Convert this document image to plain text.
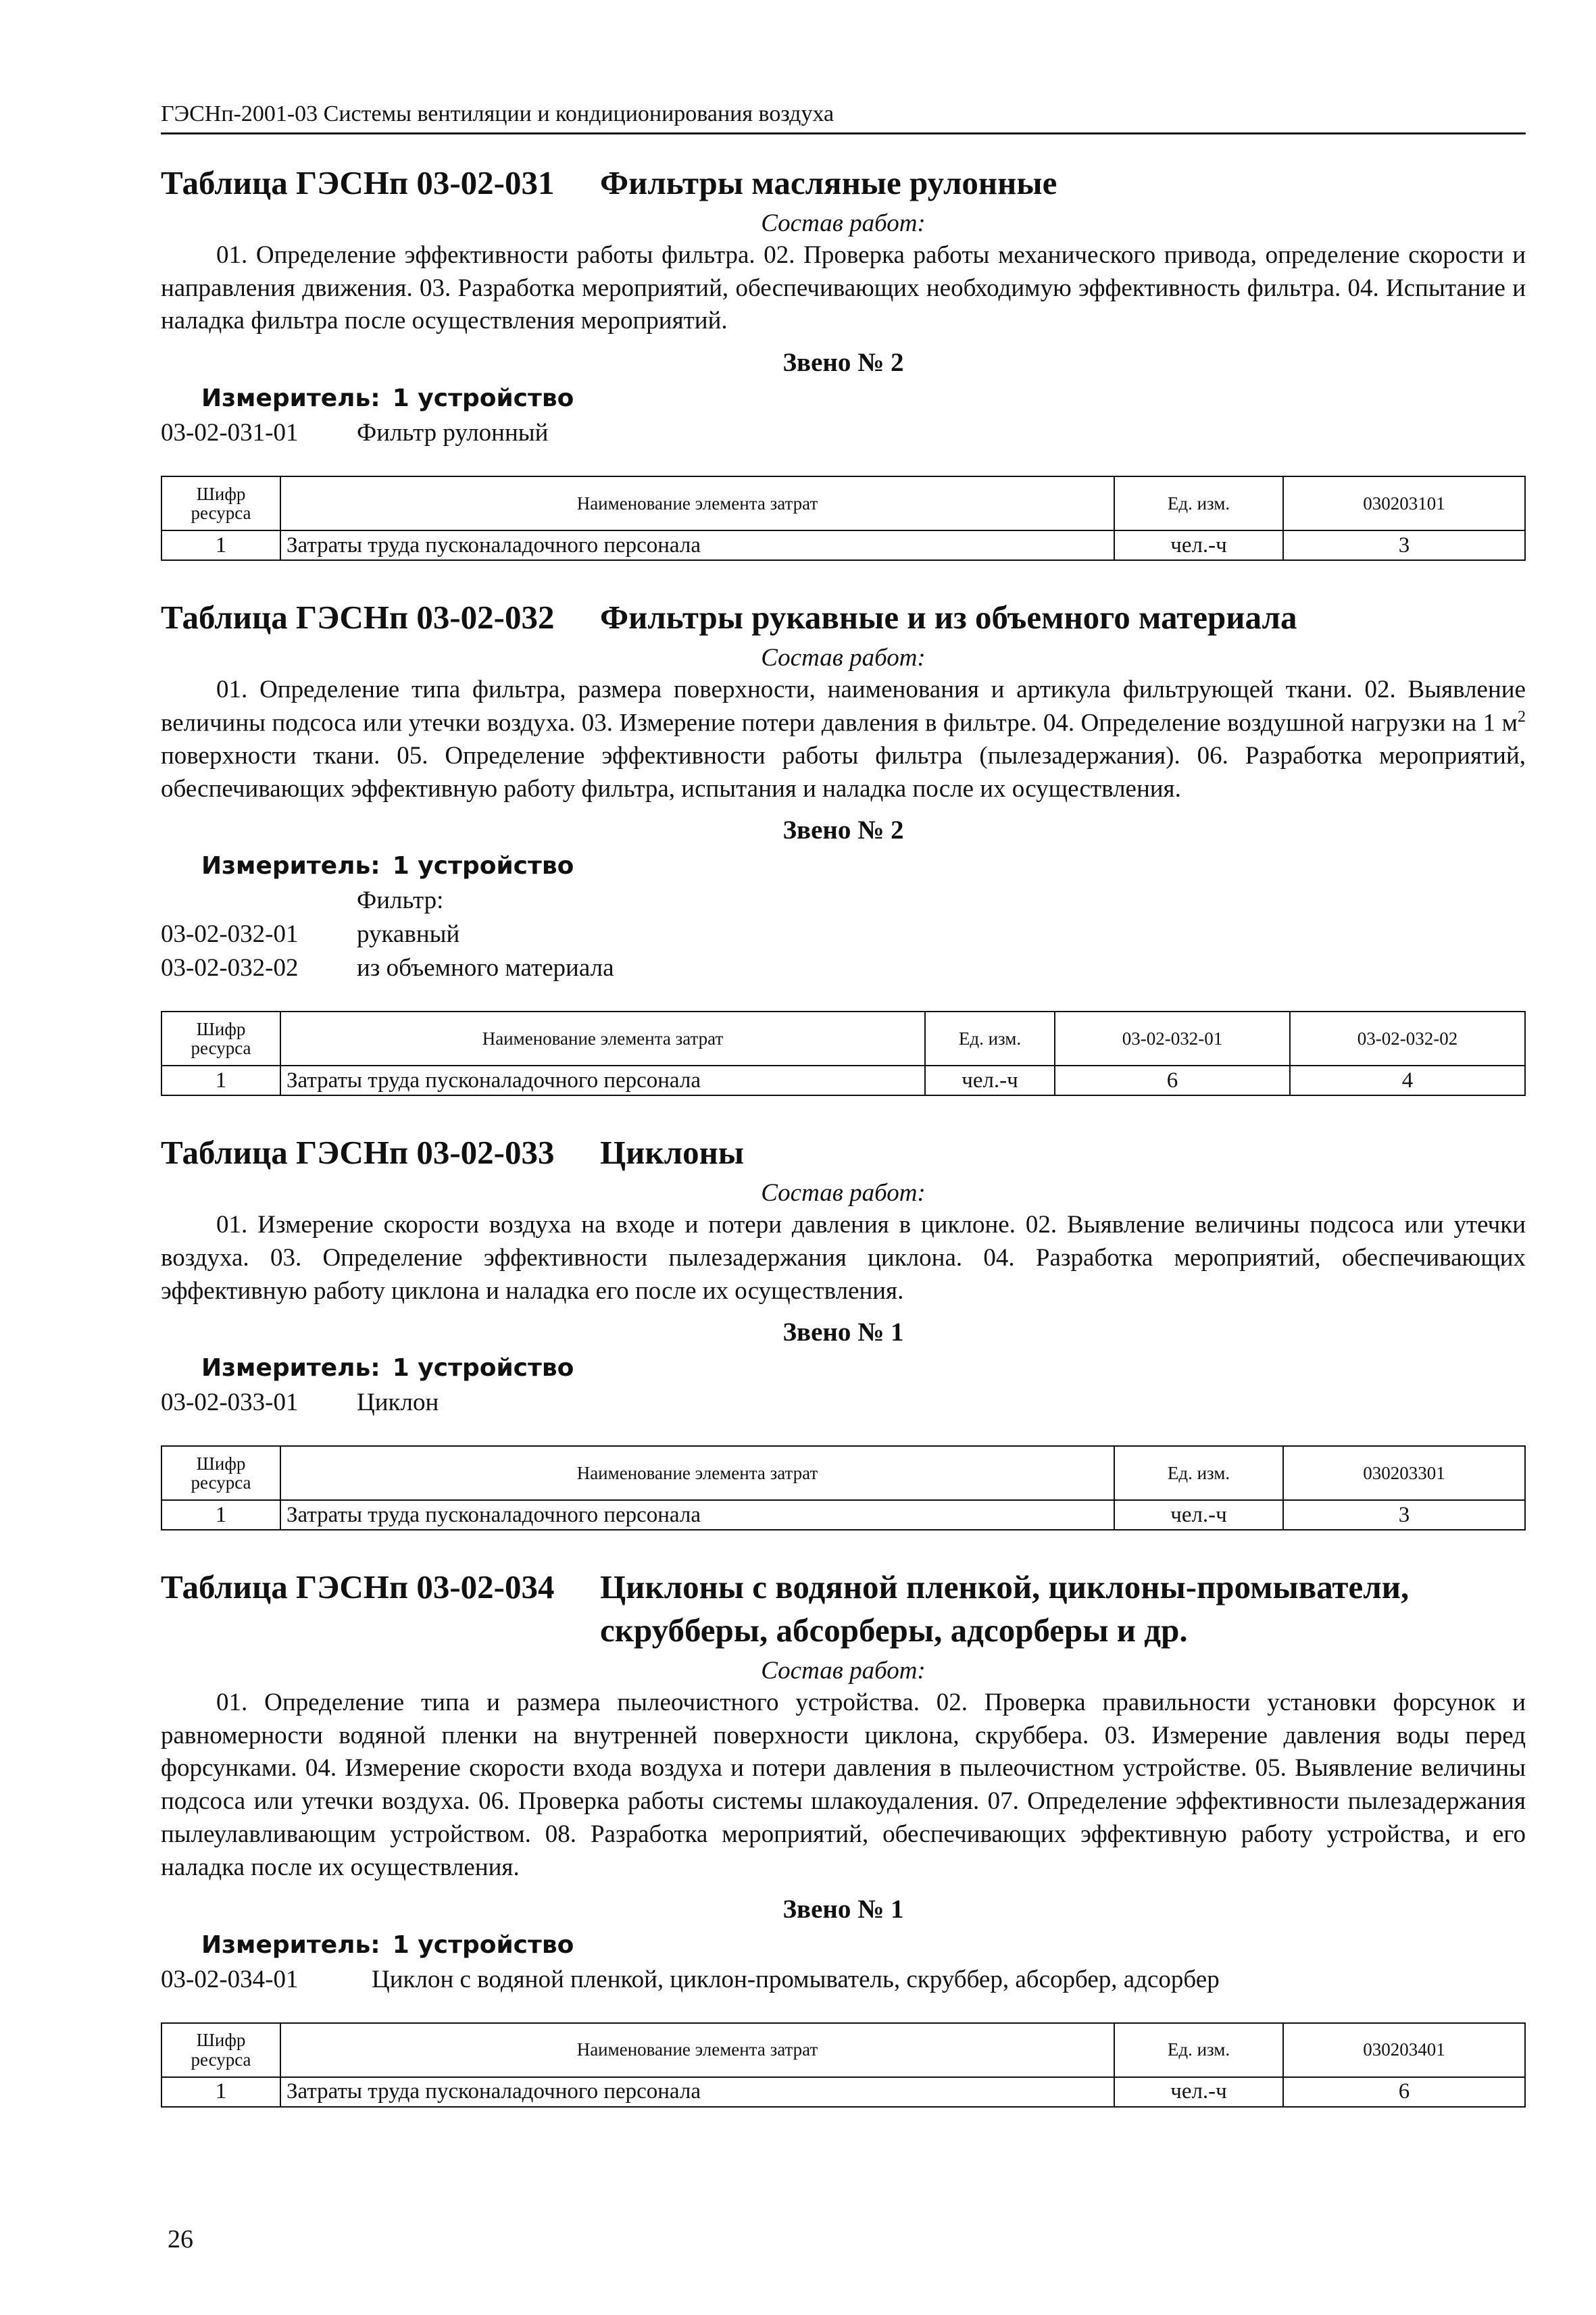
ГЭСНп-2001-03 Системы вентиляции и кондиционирования воздуха
Таблица ГЭСНп 03-02-031	Фильтры масляные рулонные
Состав работ:

01. Определение эффективности работы фильтра. 02. Проверка работы механического привода, определение скорости и направления движения. 03. Разработка мероприятий, обеспечивающих необходимую эффективность фильтра. 04. Испытание и наладка фильтра после осуществления мероприятий.

Звено № 2
Измеритель: 1 устройство
03-02-031-01	Фильтр рулонный
Шифр ресурса	Наименование элемента затрат	Ед. изм.	030203101
1	Затраты труда пусконаладочного персонала	чел.-ч	3
Таблица ГЭСНп 03-02-032	Фильтры рукавные и из объемного материала
Состав работ:

01. Определение типа фильтра, размера поверхности, наименования и артикула фильтрующей ткани. 02. Выявление величины подсоса или утечки воздуха. 03. Измерение потери давления в фильтре. 04. Определение воздушной нагрузки на 1 $м^2$ поверхности ткани. 05. Определение эффективности работы фильтра (пылезадержания). 06. Разработка мероприятий, обеспечивающих эффективную работу фильтра, испытания и наладка после их осуществления.

Звено № 2
Измеритель: 1 устройство
Фильтр:
03-02-032-01	рукавный
03-02-032-02	из объемного материала
Шифр ресурса	Наименование элемента затрат	Ед. изм.	03-02-032-01	03-02-032-02
1	Затраты труда пусконаладочного персонала	чел.-ч	6	4
Таблица ГЭСНп 03-02-033	Циклоны
Состав работ:

01. Измерение скорости воздуха на входе и потери давления в циклоне. 02. Выявление величины подсоса или утечки воздуха. 03. Определение эффективности пылезадержания циклона. 04. Разработка мероприятий, обеспечивающих эффективную работу циклона и наладка его после их осуществления.

Звено № 1
Измеритель: 1 устройство
03-02-033-01	Циклон
Шифр ресурса	Наименование элемента затрат	Ед. изм.	030203301
1	Затраты труда пусконаладочного персонала	чел.-ч	3
Таблица ГЭСНп 03-02-034	Циклоны с водяной пленкой, циклоны-промыватели, скрубберы, абсорберы, адсорберы и др.
Состав работ:

01. Определение типа и размера пылеочистного устройства. 02. Проверка правильности установки форсунок и равномерности водяной пленки на внутренней поверхности циклона, скруббера. 03. Измерение давления воды перед форсунками. 04. Измерение скорости входа воздуха и потери давления в пылеочистном устройстве. 05. Выявление величины подсоса или утечки воздуха. 06. Проверка работы системы шлакоудаления. 07. Определение эффективности пылезадержания пылеулавливающим устройством. 08. Разработка мероприятий, обеспечивающих эффективную работу устройства, и его наладка после их осуществления.

Звено № 1
Измеритель: 1 устройство
03-02-034-01	Циклон с водяной пленкой, циклон-промыватель, скруббер, абсорбер, адсорбер
Шифр ресурса	Наименование элемента затрат	Ед. изм.	030203401
1	Затраты труда пусконаладочного персонала	чел.-ч	6
26
